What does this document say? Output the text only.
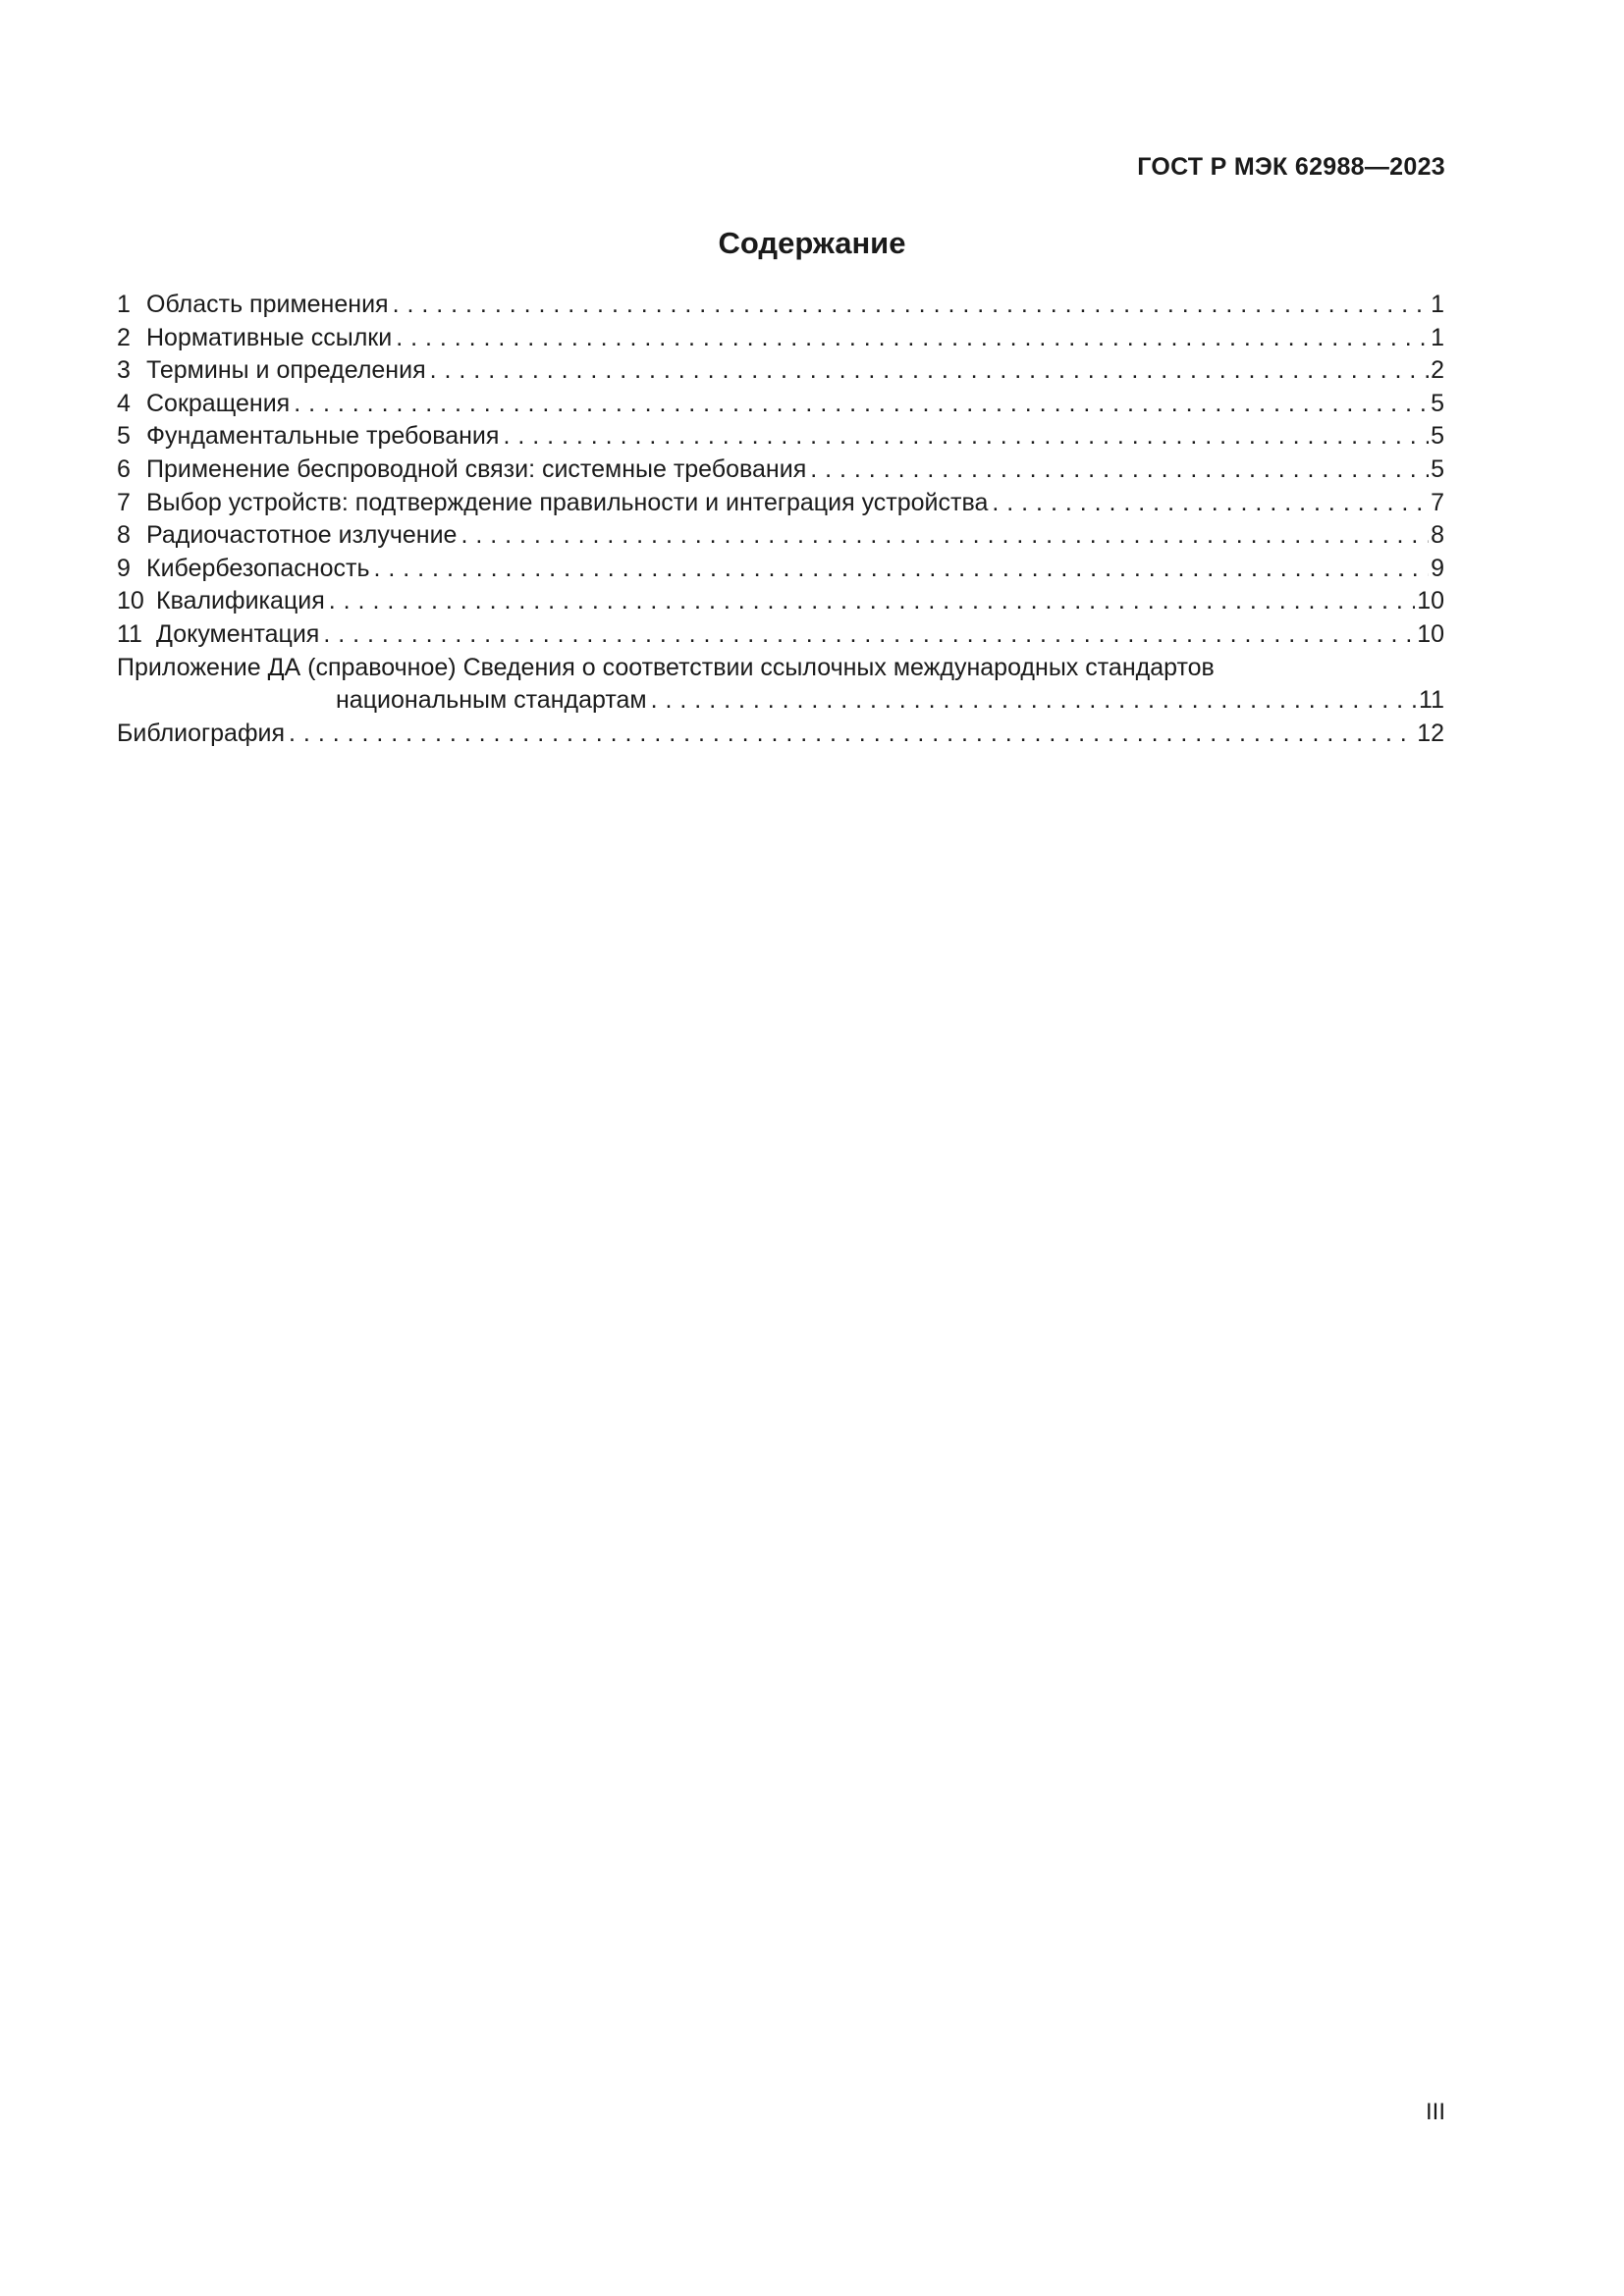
ГОСТ Р МЭК 62988—2023
Содержание
1 Область применения . . .	1
2 Нормативные ссылки . . .	1
3 Термины и определения . . .	2
4 Сокращения . . .	5
5 Фундаментальные требования . . .	5
6 Применение беспроводной связи: системные требования . . .	5
7 Выбор устройств: подтверждение правильности и интеграция устройства . . .	7
8 Радиочастотное излучение . . .	8
9 Кибербезопасность . . .	9
10 Квалификация . . .	10
11 Документация . . .	10
Приложение ДА (справочное) Сведения о соответствии ссылочных международных стандартов
национальным стандартам . . .	11
Библиография . . .	12
III
